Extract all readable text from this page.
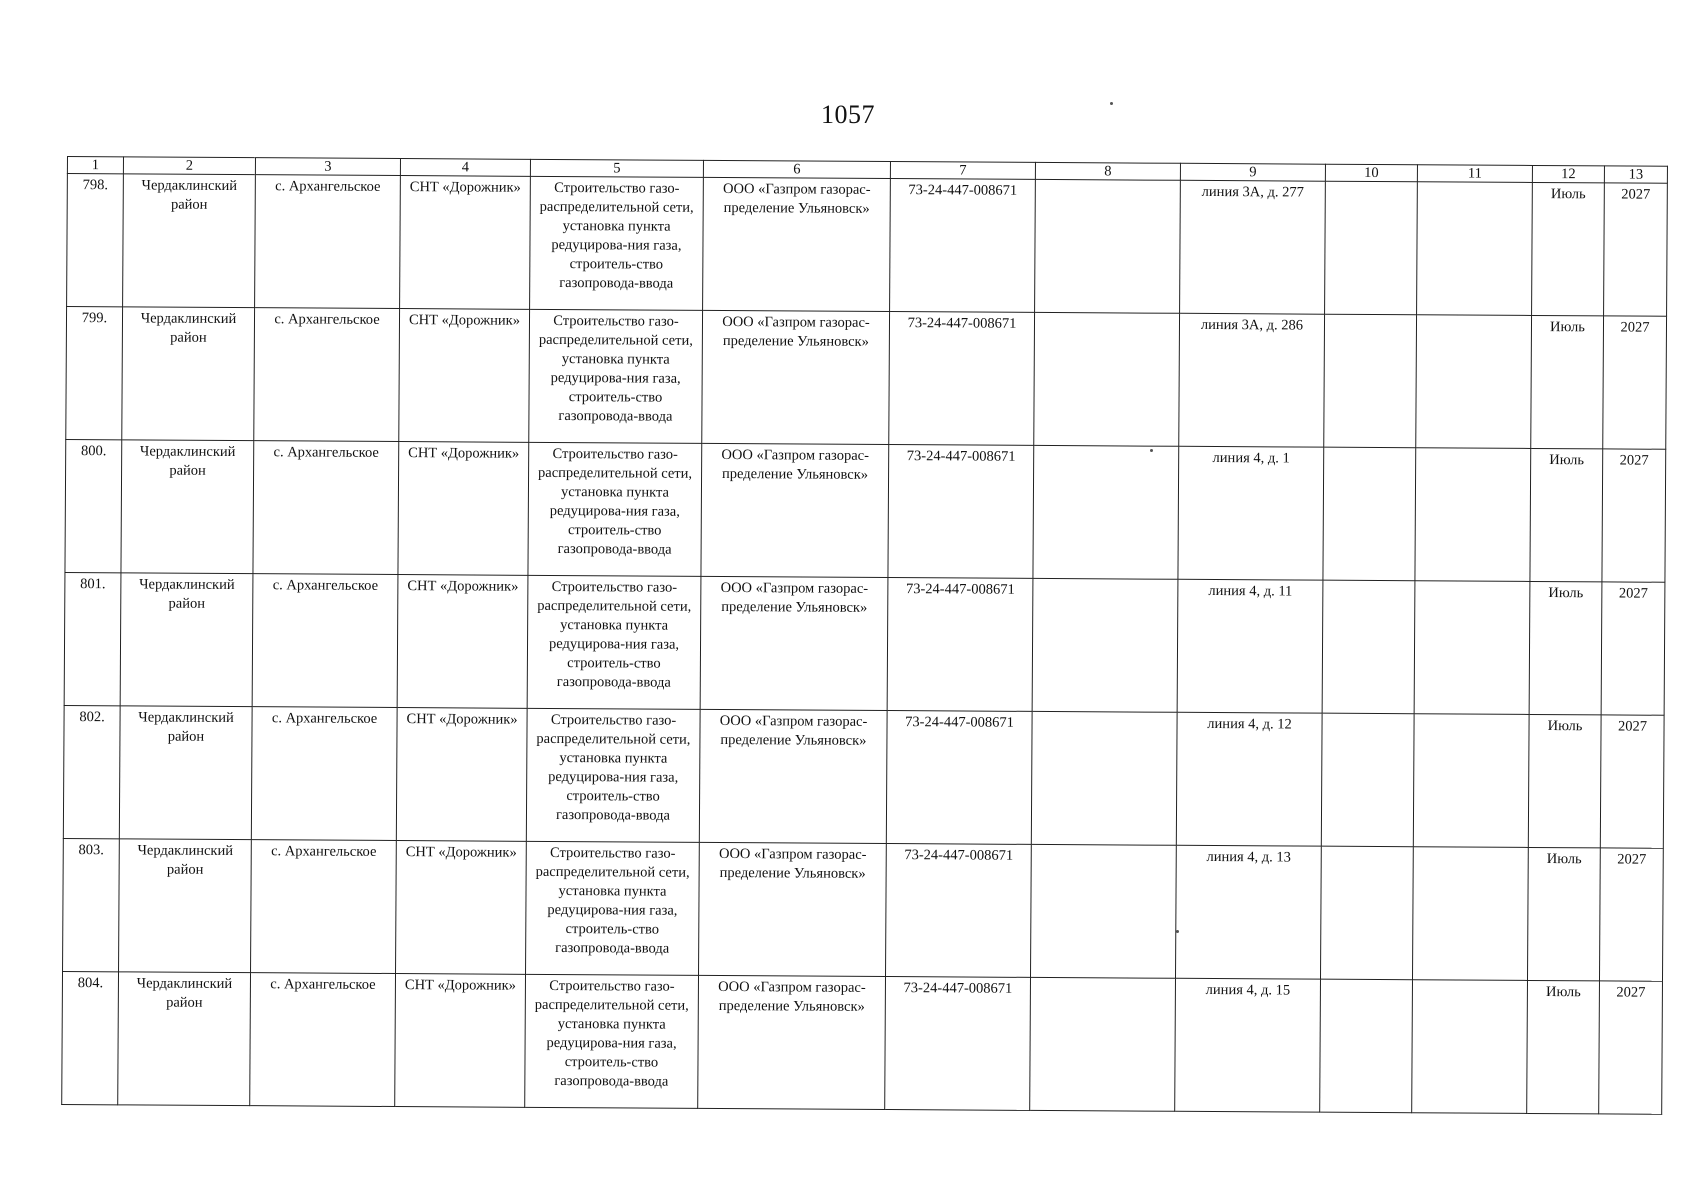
1057
1	2	3	4	5	6	7	8	9	10	11	12	13
798.	Чердаклинский район	с. Архангельское	СНТ «Дорожник»	Строительство газо-распределительной сети, установка пункта редуцирова-ния газа, строитель-ство газопровода-ввода	ООО «Газпром газорас-пределение Ульяновск»	73-24-447-008671		линия 3А, д. 277			Июль	2027
799.	Чердаклинский район	с. Архангельское	СНТ «Дорожник»	Строительство газо-распределительной сети, установка пункта редуцирова-ния газа, строитель-ство газопровода-ввода	ООО «Газпром газорас-пределение Ульяновск»	73-24-447-008671		линия 3А, д. 286			Июль	2027
800.	Чердаклинский район	с. Архангельское	СНТ «Дорожник»	Строительство газо-распределительной сети, установка пункта редуцирова-ния газа, строитель-ство газопровода-ввода	ООО «Газпром газорас-пределение Ульяновск»	73-24-447-008671		линия 4, д. 1			Июль	2027
801.	Чердаклинский район	с. Архангельское	СНТ «Дорожник»	Строительство газо-распределительной сети, установка пункта редуцирова-ния газа, строитель-ство газопровода-ввода	ООО «Газпром газорас-пределение Ульяновск»	73-24-447-008671		линия 4, д. 11			Июль	2027
802.	Чердаклинский район	с. Архангельское	СНТ «Дорожник»	Строительство газо-распределительной сети, установка пункта редуцирова-ния газа, строитель-ство газопровода-ввода	ООО «Газпром газорас-пределение Ульяновск»	73-24-447-008671		линия 4, д. 12			Июль	2027
803.	Чердаклинский район	с. Архангельское	СНТ «Дорожник»	Строительство газо-распределительной сети, установка пункта редуцирова-ния газа, строитель-ство газопровода-ввода	ООО «Газпром газорас-пределение Ульяновск»	73-24-447-008671		линия 4, д. 13			Июль	2027
804.	Чердаклинский район	с. Архангельское	СНТ «Дорожник»	Строительство газо-распределительной сети, установка пункта редуцирова-ния газа, строитель-ство газопровода-ввода	ООО «Газпром газорас-пределение Ульяновск»	73-24-447-008671		линия 4, д. 15			Июль	2027
